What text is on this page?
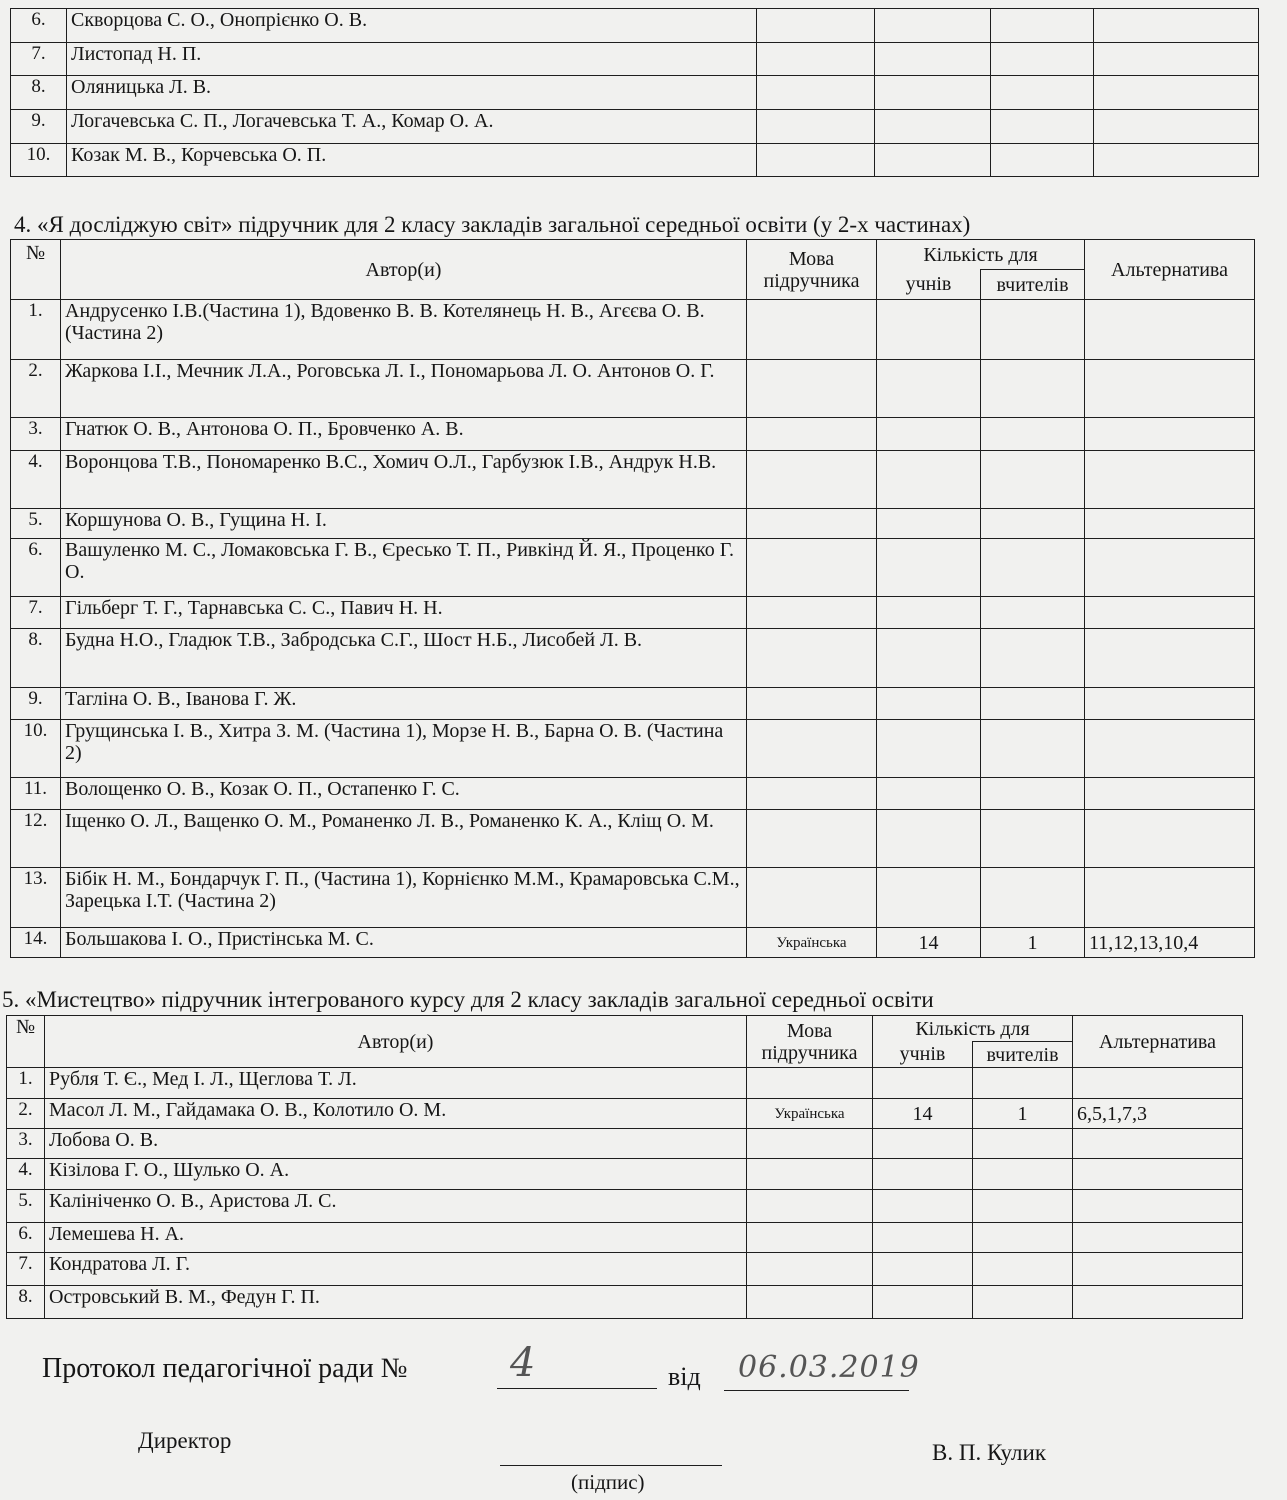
6.	Скворцова С. О., Онопрієнко О. В.				
7.	Листопад Н. П.				
8.	Оляницька Л. В.				
9.	Логачевська С. П., Логачевська Т. А., Комар О. А.				
10.	Козак М. В., Корчевська О. П.				
4. «Я досліджую світ» підручник для 2 класу закладів загальної середньої освіти (у 2-х частинах)
№	Автор(и)	Мова підручника	Кількість для		Альтернатива
			учнів	вчителів	
1.	Андрусенко І.В.(Частина 1), Вдовенко В. В. Котелянець Н. В., Агєєва О. В. (Частина 2)				
2.	Жаркова І.І., Мечник Л.А., Роговська Л. І., Пономарьова Л. О. Антонов О. Г.				
3.	Гнатюк О. В., Антонова О. П., Бровченко А. В.				
4.	Воронцова Т.В., Пономаренко В.С., Хомич О.Л., Гарбузюк І.В., Андрук Н.В.				
5.	Коршунова О. В., Гущина Н. І.				
6.	Вашуленко М. С., Ломаковська Г. В., Єресько Т. П., Ривкінд Й. Я., Проценко Г. О.				
7.	Гільберг Т. Г., Тарнавська С. С., Павич Н. Н.				
8.	Будна Н.О., Гладюк Т.В., Забродська С.Г., Шост Н.Б., Лисобей Л. В.				
9.	Тагліна О. В., Іванова Г. Ж.				
10.	Грущинська І. В., Хитра З. М. (Частина 1), Морзе Н. В., Барна О. В. (Частина 2)				
11.	Волощенко О. В., Козак О. П., Остапенко Г. С.				
12.	Іщенко О. Л., Ващенко О. М., Романенко Л. В., Романенко К. А., Кліщ О. М.				
13.	Бібік Н. М., Бондарчук Г. П., (Частина 1), Корнієнко М.М., Крамаровська С.М., Зарецька І.Т. (Частина 2)				
14.	Большакова І. О., Пристінська М. С.	Українська	14	1	11,12,13,10,4
5. «Мистецтво» підручник інтегрованого курсу для 2 класу закладів загальної середньої освіти
№	Автор(и)	Мова підручника	Кількість для		Альтернатива
			учнів	вчителів	
1.	Рубля Т. Є., Мед І. Л., Щеглова Т. Л.				
2.	Масол Л. М., Гайдамака О. В., Колотило О. М.	Українська	14	1	6,5,1,7,3
3.	Лобова О. В.				
4.	Кізілова Г. О., Шулько О. А.				
5.	Калініченко О. В., Аристова Л. С.				
6.	Лемешева Н. А.				
7.	Кондратова Л. Г.				
8.	Островський В. М., Федун Г. П.				
Протокол педагогічної ради №	4	від 06.03.2019
Директор
(підпис)
В. П. Кулик
